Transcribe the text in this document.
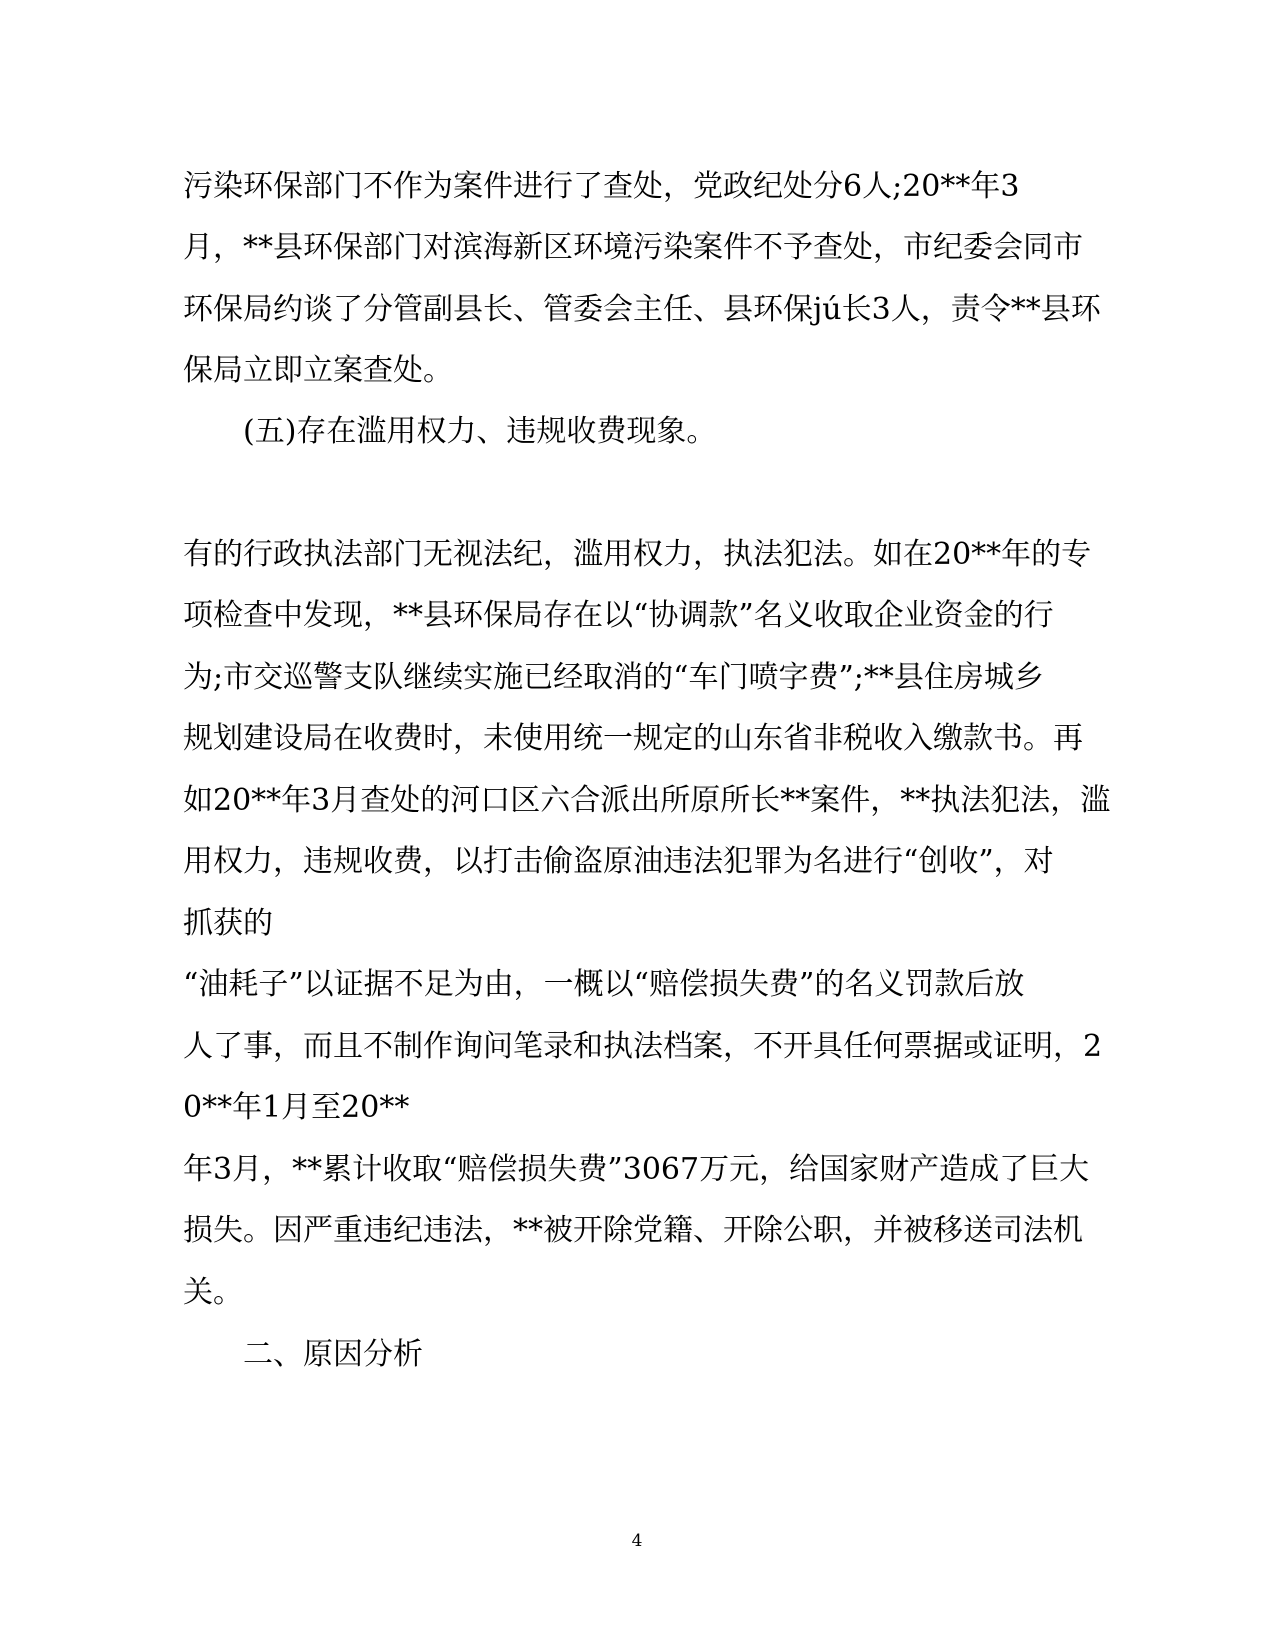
污染环保部门不作为案件进行了查处，党政纪处分6人;20**年3

月，**县环保部门对滨海新区环境污染案件不予查处，市纪委会同市

环保局约谈了分管副县长、管委会主任、县环保jú长3人，责令**县环

保局立即立案查处。

(五)存在滥用权力、违规收费现象。

有的行政执法部门无视法纪，滥用权力，执法犯法。如在20**年的专

项检查中发现，**县环保局存在以“协调款”名义收取企业资金的行

为;市交巡警支队继续实施已经取消的“车门喷字费”;**县住房城乡

规划建设局在收费时，未使用统一规定的山东省非税收入缴款书。再

如20**年3月查处的河口区六合派出所原所长**案件，**执法犯法，滥

用权力，违规收费，以打击偷盗原油违法犯罪为名进行“创收”，对

抓获的

“油耗子”以证据不足为由，一概以“赔偿损失费”的名义罚款后放

人了事，而且不制作询问笔录和执法档案，不开具任何票据或证明，2

0**年1月至20**

年3月，**累计收取“赔偿损失费”3067万元，给国家财产造成了巨大

损失。因严重违纪违法，**被开除党籍、开除公职，并被移送司法机

关。

二、原因分析

4
